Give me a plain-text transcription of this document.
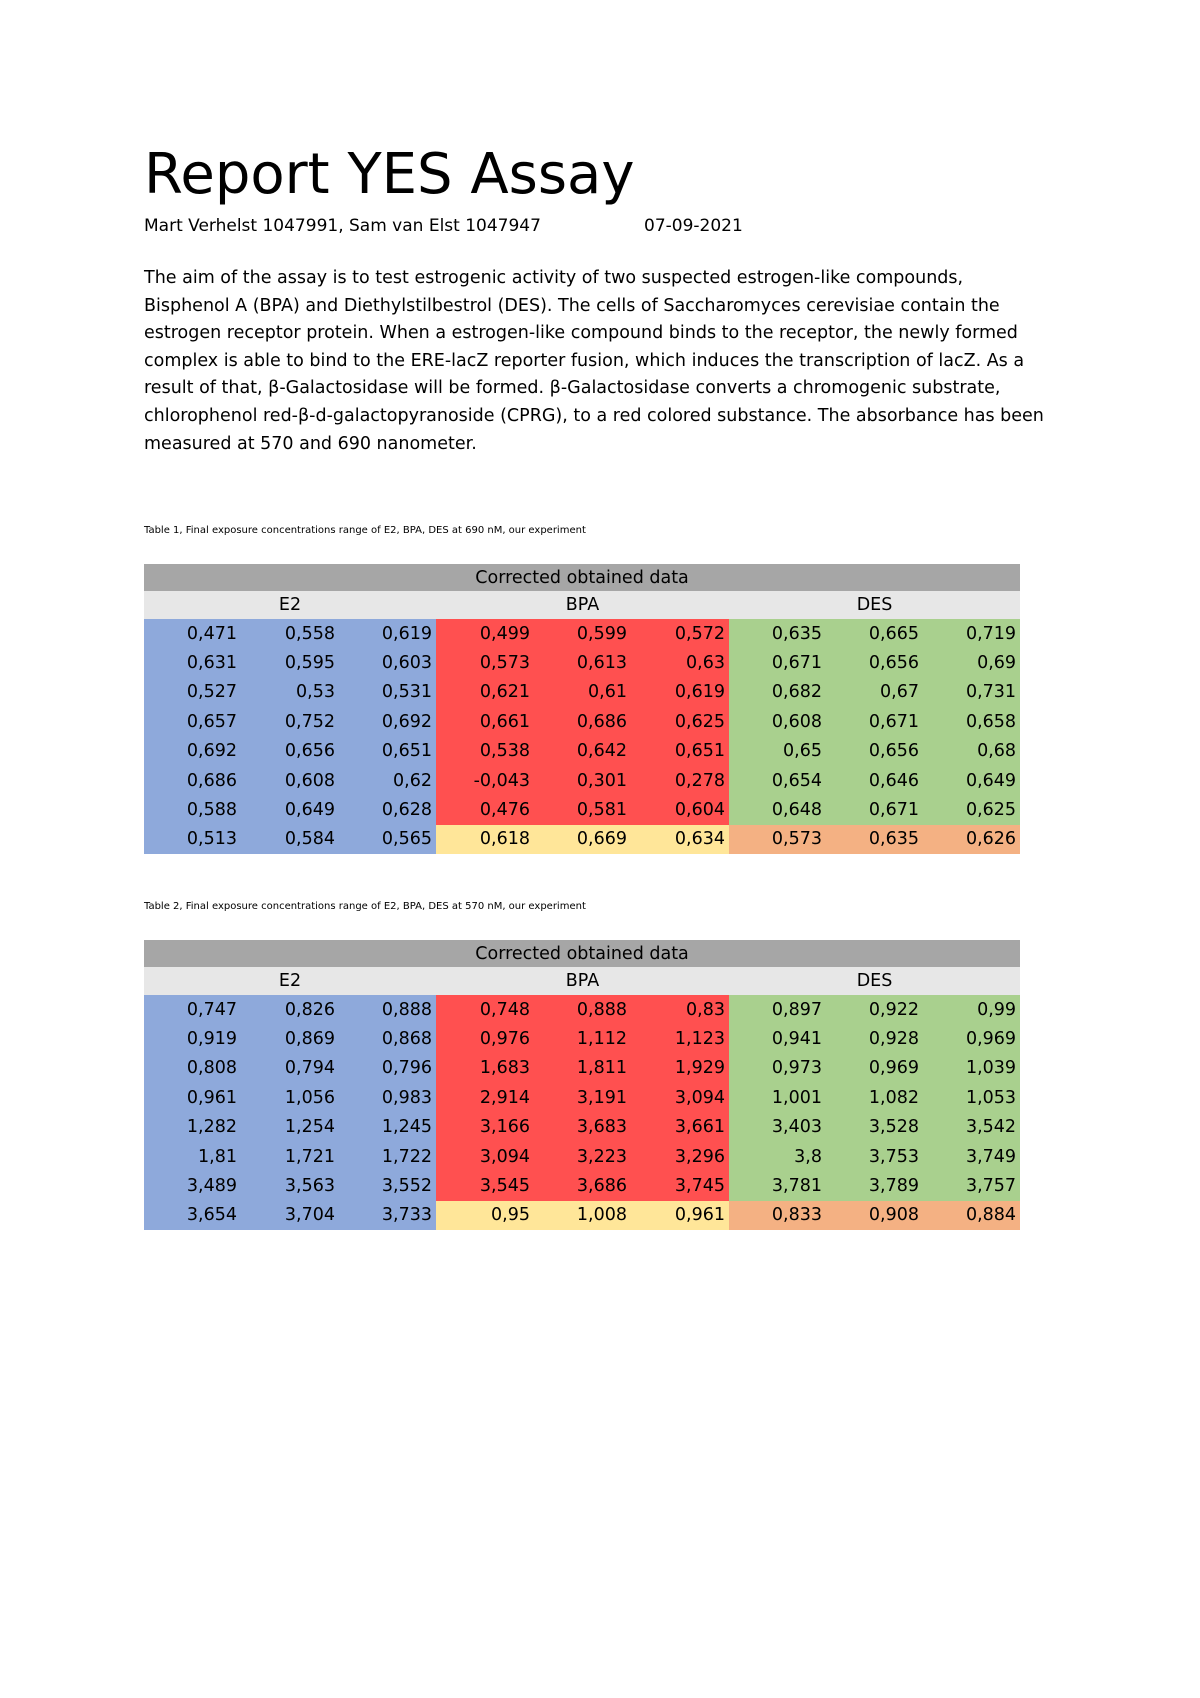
Report YES Assay
Mart Verhelst 1047991, Sam van Elst 1047947	07-09-2021

The aim of the assay is to test estrogenic activity of two suspected estrogen-like compounds, Bisphenol A (BPA) and Diethylstilbestrol (DES). The cells of Saccharomyces cerevisiae contain the estrogen receptor protein. When a estrogen-like compound binds to the receptor, the newly formed complex is able to bind to the ERE-lacZ reporter fusion, which induces the transcription of lacZ. As a result of that, β-Galactosidase will be formed. β-Galactosidase converts a chromogenic substrate, chlorophenol red-β-d-galactopyranoside (CPRG), to a red colored substance. The absorbance has been measured at 570 and 690 nanometer.

Table 1, Final exposure concentrations range of E2, BPA, DES at 690 nM, our experiment
Corrected obtained data								
E2			BPA			DES		
0,471	0,558	0,619	0,499	0,599	0,572	0,635	0,665	0,719
0,631	0,595	0,603	0,573	0,613	0,63	0,671	0,656	0,69
0,527	0,53	0,531	0,621	0,61	0,619	0,682	0,67	0,731
0,657	0,752	0,692	0,661	0,686	0,625	0,608	0,671	0,658
0,692	0,656	0,651	0,538	0,642	0,651	0,65	0,656	0,68
0,686	0,608	0,62	-0,043	0,301	0,278	0,654	0,646	0,649
0,588	0,649	0,628	0,476	0,581	0,604	0,648	0,671	0,625
0,513	0,584	0,565	0,618	0,669	0,634	0,573	0,635	0,626
Table 2, Final exposure concentrations range of E2, BPA, DES at 570 nM, our experiment
Corrected obtained data								
E2			BPA			DES		
0,747	0,826	0,888	0,748	0,888	0,83	0,897	0,922	0,99
0,919	0,869	0,868	0,976	1,112	1,123	0,941	0,928	0,969
0,808	0,794	0,796	1,683	1,811	1,929	0,973	0,969	1,039
0,961	1,056	0,983	2,914	3,191	3,094	1,001	1,082	1,053
1,282	1,254	1,245	3,166	3,683	3,661	3,403	3,528	3,542
1,81	1,721	1,722	3,094	3,223	3,296	3,8	3,753	3,749
3,489	3,563	3,552	3,545	3,686	3,745	3,781	3,789	3,757
3,654	3,704	3,733	0,95	1,008	0,961	0,833	0,908	0,884
